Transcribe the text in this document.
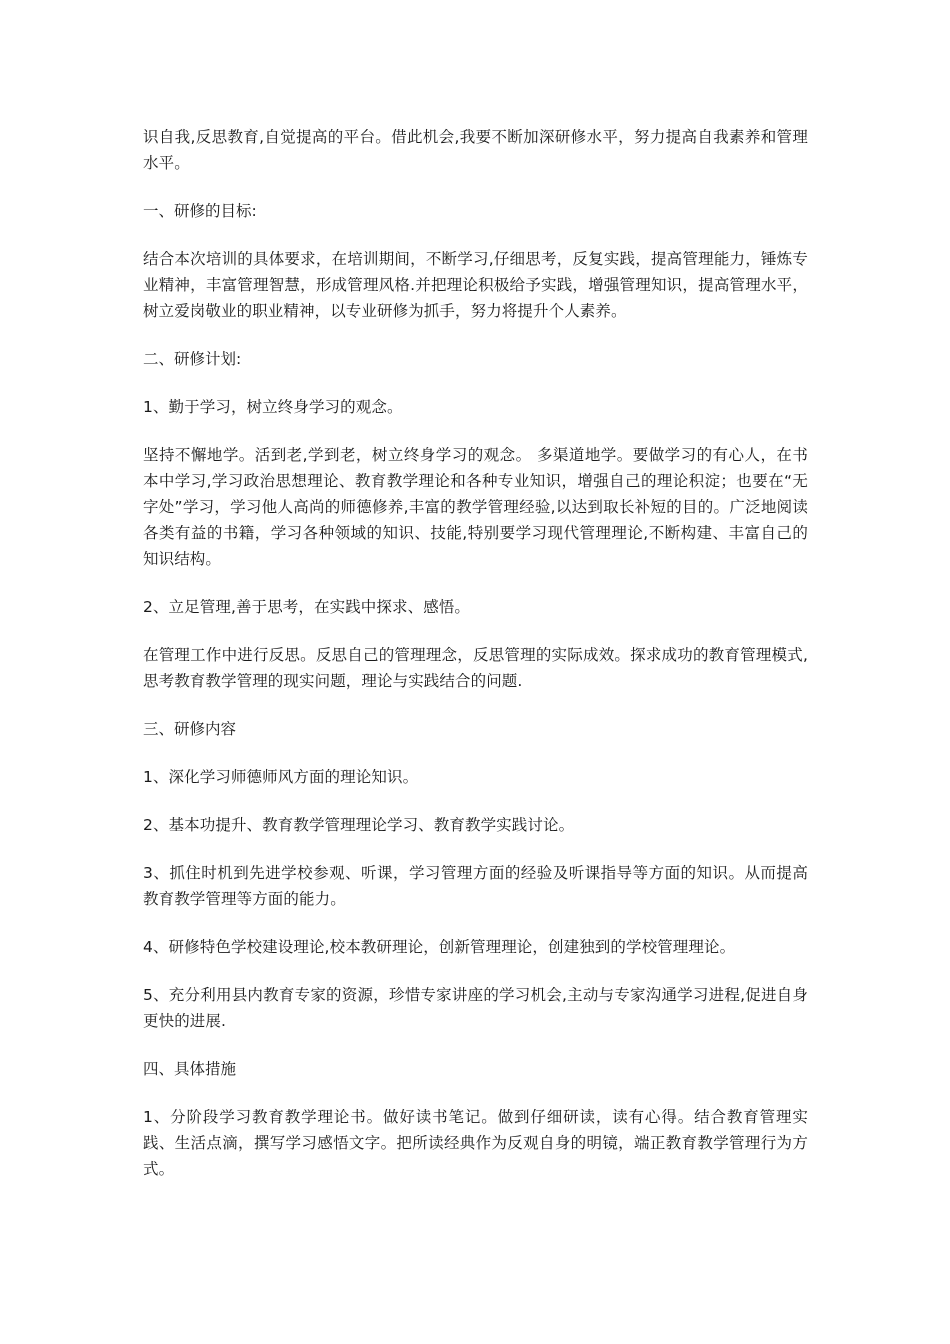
识自我,反思教育,自觉提高的平台。借此机会,我要不断加深研修水平，努力提高自我素养和管理水平。

一、研修的目标:

结合本次培训的具体要求，在培训期间，不断学习,仔细思考，反复实践，提高管理能力，锤炼专业精神，丰富管理智慧，形成管理风格.并把理论积极给予实践，增强管理知识，提高管理水平，树立爱岗敬业的职业精神，以专业研修为抓手，努力将提升个人素养。

二、研修计划:

1、勤于学习，树立终身学习的观念。

坚持不懈地学。活到老,学到老，树立终身学习的观念。 多渠道地学。要做学习的有心人，在书本中学习,学习政治思想理论、教育教学理论和各种专业知识，增强自己的理论积淀；也要在“无字处”学习，学习他人高尚的师德修养,丰富的教学管理经验,以达到取长补短的目的。广泛地阅读各类有益的书籍，学习各种领域的知识、技能,特别要学习现代管理理论,不断构建、丰富自己的知识结构。

2、立足管理,善于思考，在实践中探求、感悟。

在管理工作中进行反思。反思自己的管理理念，反思管理的实际成效。探求成功的教育管理模式,思考教育教学管理的现实问题，理论与实践结合的问题.

三、研修内容

1、深化学习师德师风方面的理论知识。

2、基本功提升、教育教学管理理论学习、教育教学实践讨论。

3、抓住时机到先进学校参观、听课，学习管理方面的经验及听课指导等方面的知识。从而提高教育教学管理等方面的能力。

4、研修特色学校建设理论,校本教研理论，创新管理理论，创建独到的学校管理理论。

5、充分利用县内教育专家的资源，珍惜专家讲座的学习机会,主动与专家沟通学习进程,促进自身更快的进展.

四、具体措施

1、分阶段学习教育教学理论书。做好读书笔记。做到仔细研读，读有心得。结合教育管理实践、生活点滴，撰写学习感悟文字。把所读经典作为反观自身的明镜，端正教育教学管理行为方式。
